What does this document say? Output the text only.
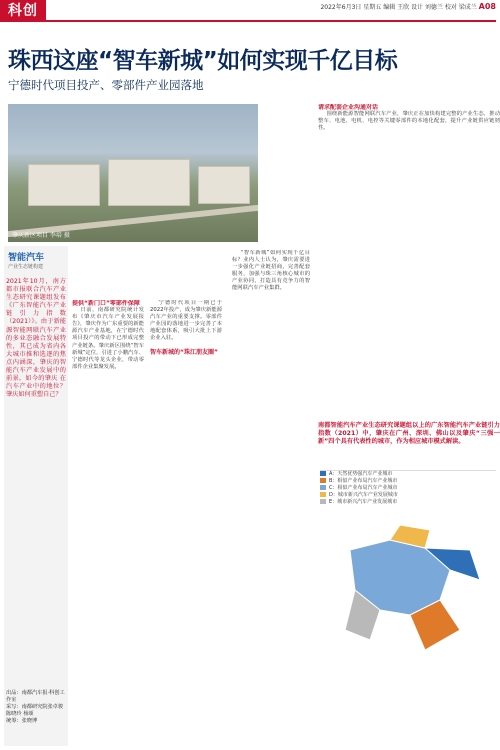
科创	2022年6月3日 星期五 编辑 王欣 设计 刘德兰 校对 梁成兰 A08
珠西这座“智车新城”如何实现千亿目标
宁德时代项目投产、零部件产业园落地
肇庆新区项目 李培 摄
智能汽车
产业生态链构建
2021年10月，南方都市报联合汽车产业生态研究课题组发布《广东智能汽车产业链引力指数（2021）》。由于新能源智能网联汽车产业的多业态融合发展特性，其已成为省内各大城市推和选逐的焦点内涵深，肇庆的智能汽车产业发展中的前景。如今的肇庆 在汽车产业中的地位？肇庆如何重塑自己？
出品：南都汽车报·科创工作室
采写：南都研究院张卓骏 陈晓玲 杨颂
统筹：张晓博
提供“新门口”零部件保障

日前，南都研究院统计发布《肇庆市汽车产业发展报告》，肇庆作为广东重要的新能源汽车产业基地，在宁德时代项目投产的带动下已形成完整产业链条。肇庆新区围绕“智车新城”定位，引进了小鹏汽车、宁德时代等龙头企业，带动零部件企业集聚发展。

宁德时代项目一期已于2022年投产，成为肇庆新能源汽车产业的重要支撑。零部件产业园的落地进一步完善了本地配套体系，吸引大批上下游企业入驻。

智车新城的“珠江朋友圈”

“智车新城”如何实现千亿目标？业内人士认为，肇庆需要进一步强化产业链招商，完善配套服务，加强与珠三角核心城市的产业协同，打造具有竞争力的智能网联汽车产业集群。

请求配套企业沟通对话

围绕新能源智能网联汽车产业，肇庆正在加快构建完整的产业生态，推动整车、电池、电机、电控等关键零部件的本地化配套，提升产业链供应链韧性。

南都智能汽车产业生态研究课题组以上的广东智能汽车产业链引力指数（2021）中，肇庆在广州、深圳、佛山以及肇庆“三强一新”四个具有代表性的城市，作为相应城市模式解读。
A：天然优势强汽车产业城市
B：相似产业布局汽车产业城市
C：相似产业布局汽车产业城市
D：城市新兴汽车产业发展城市
E：城市新兴汽车产业发展城市
